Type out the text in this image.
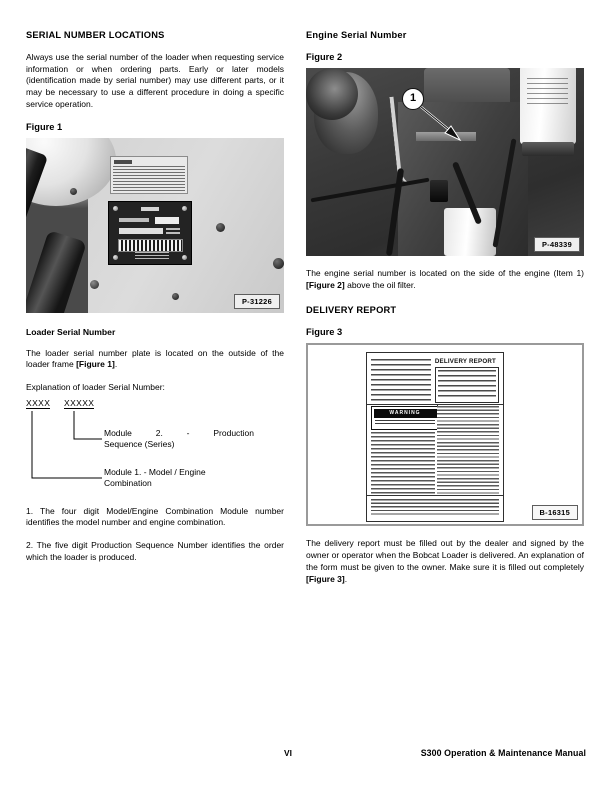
SERIAL NUMBER LOCATIONS

Always use the serial number of the loader when requesting service information or when ordering parts. Early or later models (identification made by serial number) may use different parts, or it may be necessary to use a different procedure in doing a specific service operation.

Figure 1
P-31226
Loader Serial Number

The loader serial number plate is located on the outside of the loader frame [Figure 1].

Explanation of loader Serial Number:

XXXX XXXXX
Module	2.	-	Production
Sequence (Series)
Module 1. - Model / Engine
Combination

1. The four digit Model/Engine Combination Module number identifies the model number and engine combination.

2. The five digit Production Sequence Number identifies the order which the loader is produced.

Engine Serial Number
Figure 2
1
P-48339

The engine serial number is located on the side of the engine (Item 1) [Figure 2] above the oil filter.

DELIVERY REPORT
Figure 3
DELIVERY REPORT
WARNING
B-16315

The delivery report must be filled out by the dealer and signed by the owner or operator when the Bobcat Loader is delivered. An explanation of the form must be given to the owner. Make sure it is filled out completely [Figure 3].

VI	S300 Operation & Maintenance Manual
